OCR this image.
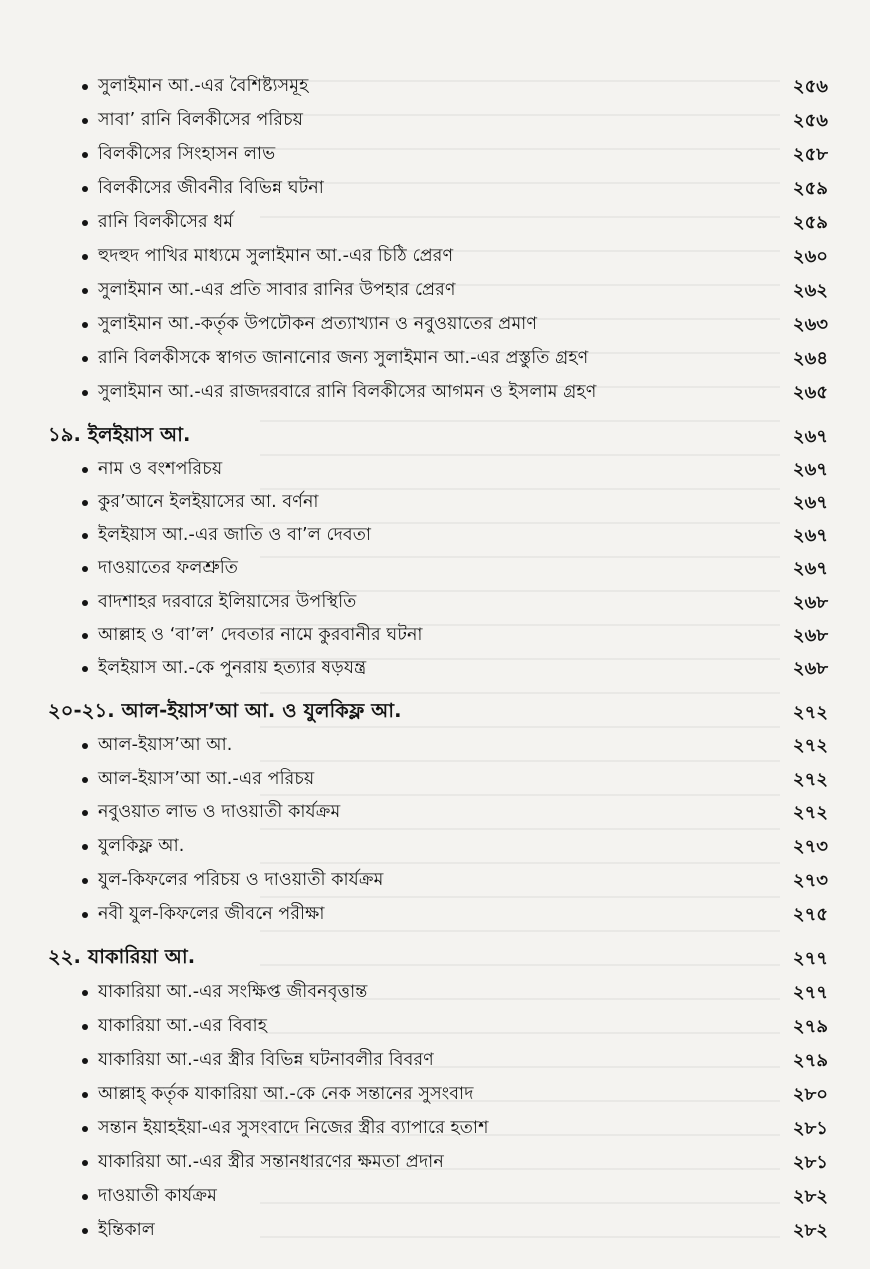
সুলাইমান আ.-এর বৈশিষ্ট্যসমূহ	২৫৬
সাবা’ রানি বিলকীসের পরিচয়	২৫৬
বিলকীসের সিংহাসন লাভ	২৫৮
বিলকীসের জীবনীর বিভিন্ন ঘটনা	২৫৯
রানি বিলকীসের ধর্ম	২৫৯
হুদহুদ পাখির মাধ্যমে সুলাইমান আ.-এর চিঠি প্রেরণ	২৬০
সুলাইমান আ.-এর প্রতি সাবার রানির উপহার প্রেরণ	২৬২
সুলাইমান আ.-কর্তৃক উপঢৌকন প্রত্যাখ্যান ও নবুওয়াতের প্রমাণ	২৬৩
রানি বিলকীসকে স্বাগত জানানোর জন্য সুলাইমান আ.-এর প্রস্তুতি গ্রহণ	২৬৪
সুলাইমান আ.-এর রাজদরবারে রানি বিলকীসের আগমন ও ইসলাম গ্রহণ	২৬৫
১৯. ইলইয়াস আ.	২৬৭
নাম ও বংশপরিচয়	২৬৭
কুর’আনে ইলইয়াসের আ. বর্ণনা	২৬৭
ইলইয়াস আ.-এর জাতি ও বা’ল দেবতা	২৬৭
দাওয়াতের ফলশ্রুতি	২৬৭
বাদশাহর দরবারে ইলিয়াসের উপস্থিতি	২৬৮
আল্লাহ ও ‘বা’ল’ দেবতার নামে কুরবানীর ঘটনা	২৬৮
ইলইয়াস আ.-কে পুনরায় হত্যার ষড়যন্ত্র	২৬৮
২০-২১. আল-ইয়াস’আ আ. ও যুলকিফ্ল আ.	২৭২
আল-ইয়াস’আ আ.	২৭২
আল-ইয়াস’আ আ.-এর পরিচয়	২৭২
নবুওয়াত লাভ ও দাওয়াতী কার্যক্রম	২৭২
যুলকিফ্ল আ.	২৭৩
যুল-কিফলের পরিচয় ও দাওয়াতী কার্যক্রম	২৭৩
নবী যুল-কিফলের জীবনে পরীক্ষা	২৭৫
২২. যাকারিয়া আ.	২৭৭
যাকারিয়া আ.-এর সংক্ষিপ্ত জীবনবৃত্তান্ত	২৭৭
যাকারিয়া আ.-এর বিবাহ	২৭৯
যাকারিয়া আ.-এর স্ত্রীর বিভিন্ন ঘটনাবলীর বিবরণ	২৭৯
আল্লাহ্ কর্তৃক যাকারিয়া আ.-কে নেক সন্তানের সুসংবাদ	২৮০
সন্তান ইয়াহইয়া-এর সুসংবাদে নিজের স্ত্রীর ব্যাপারে হতাশ	২৮১
যাকারিয়া আ.-এর স্ত্রীর সন্তানধারণের ক্ষমতা প্রদান	২৮১
দাওয়াতী কার্যক্রম	২৮২
ইন্তিকাল	২৮২
